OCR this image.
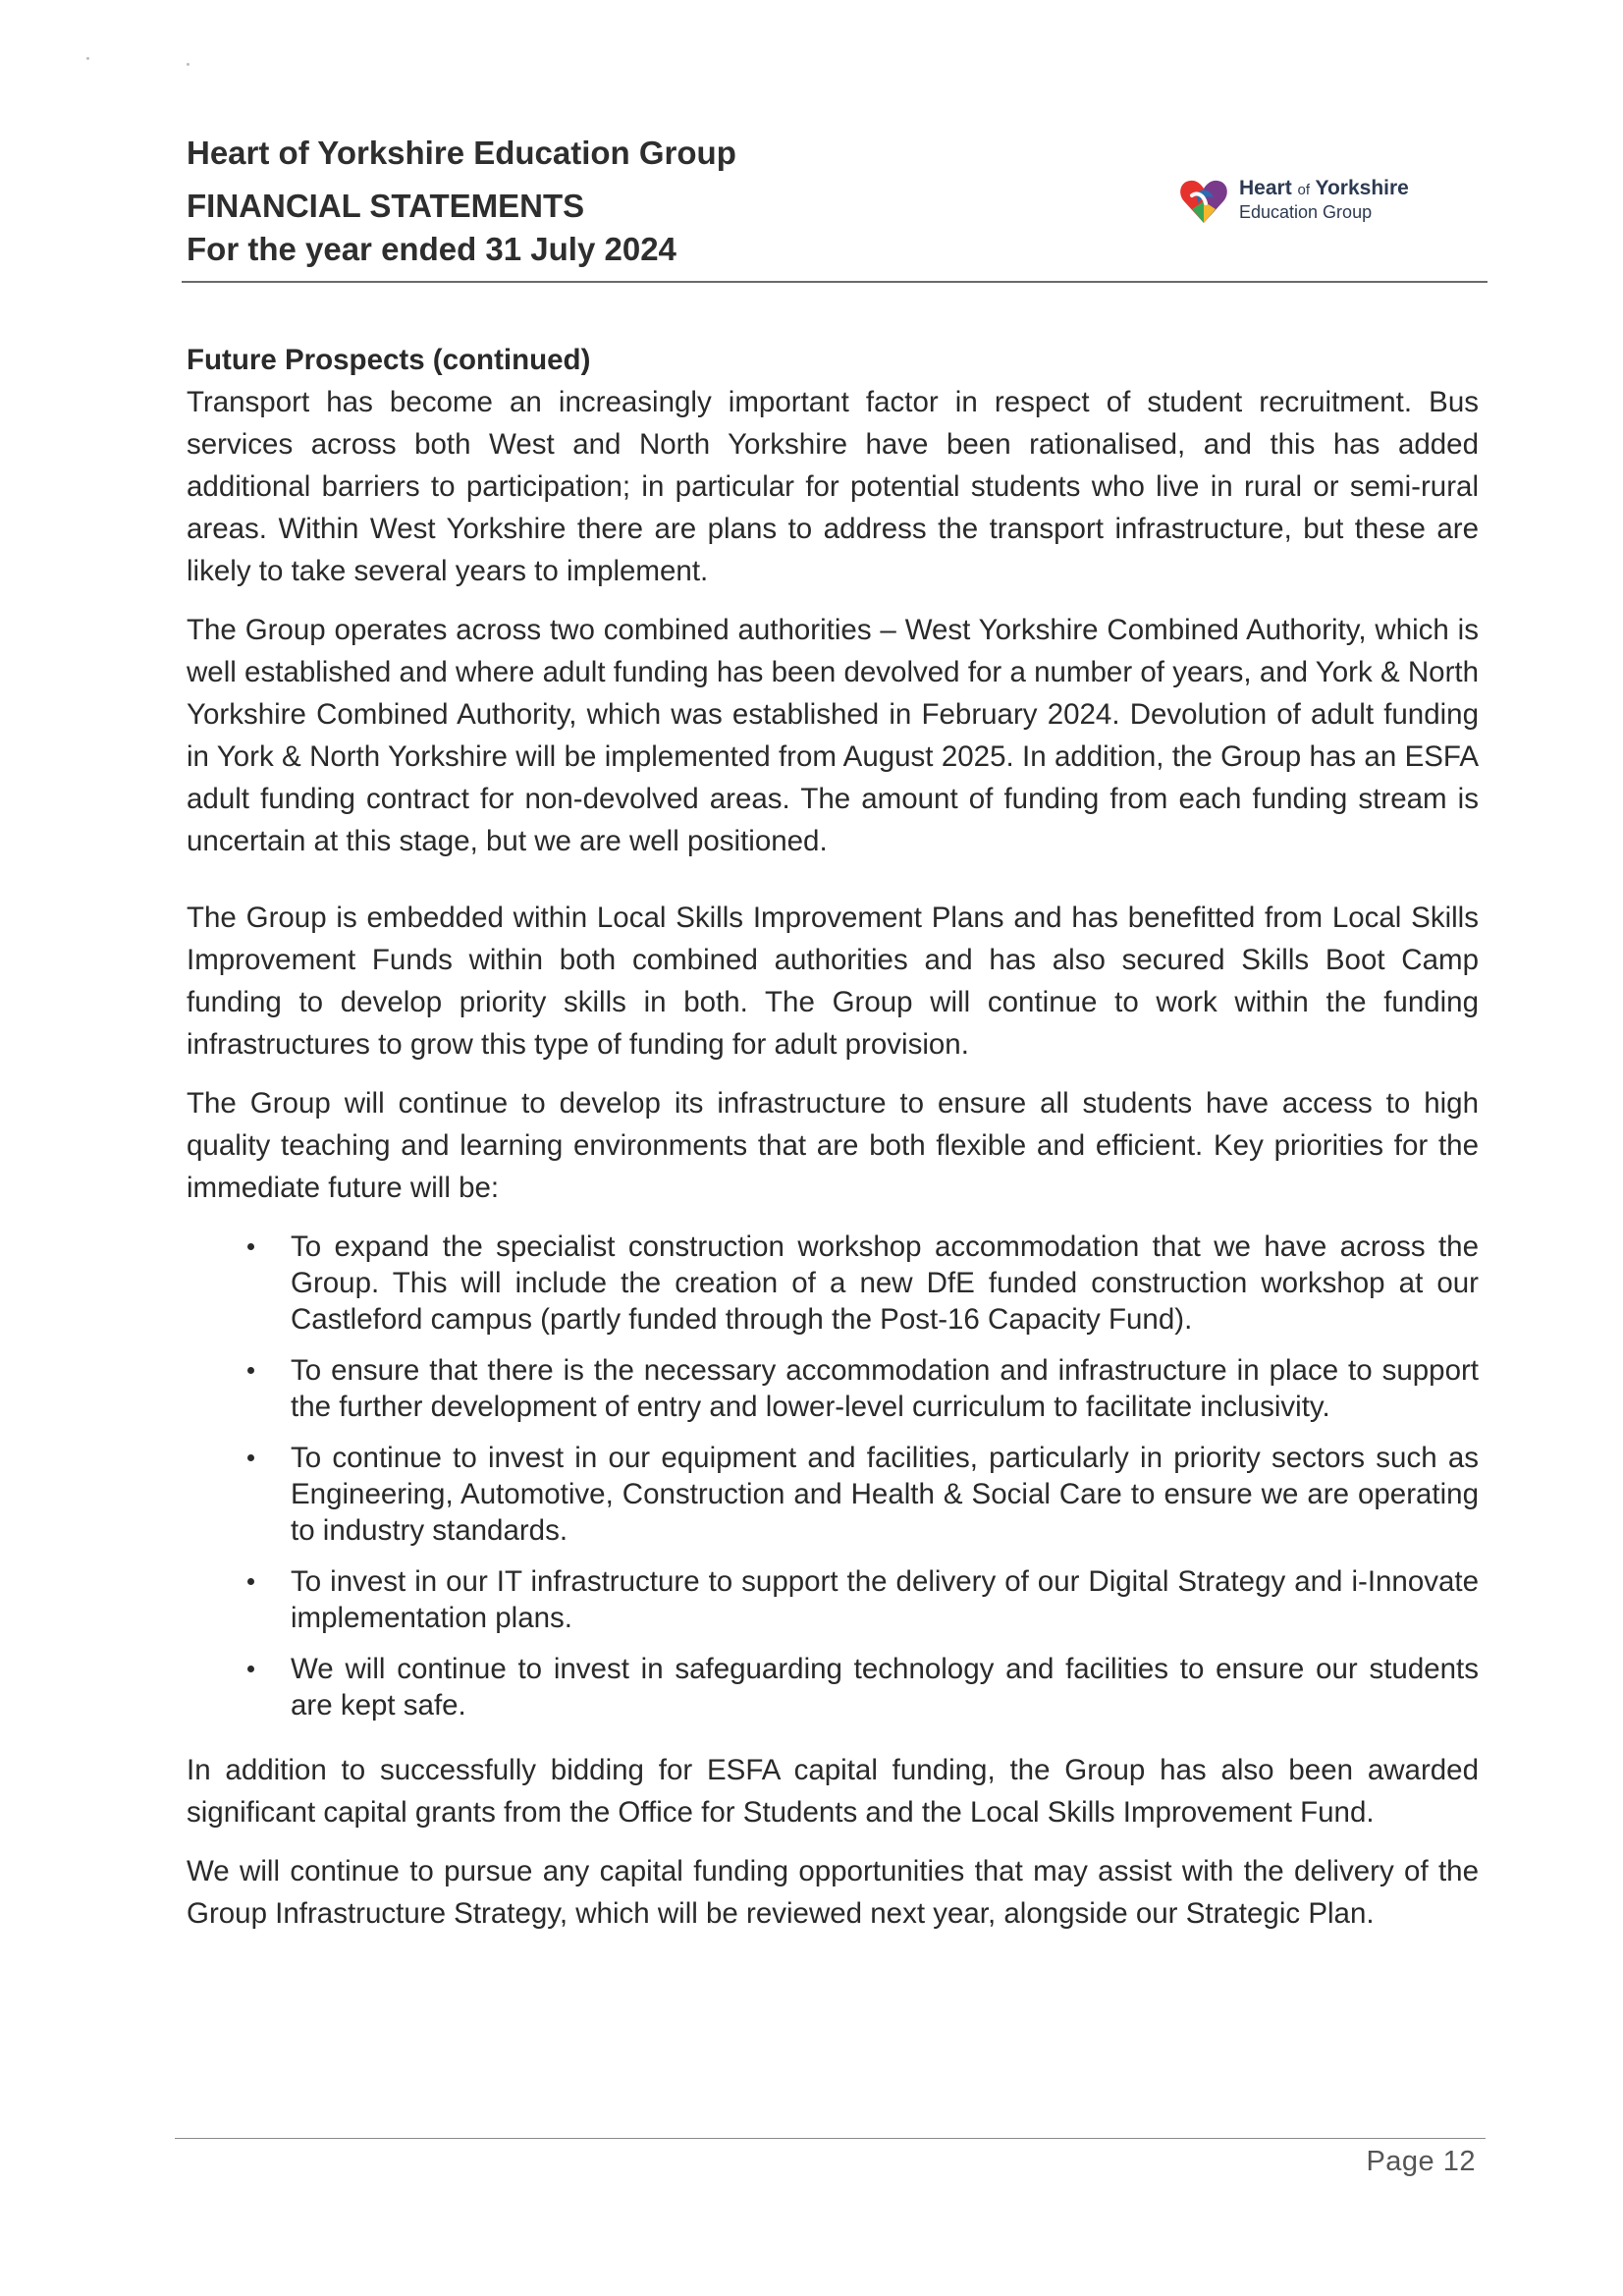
Heart of Yorkshire Education Group
FINANCIAL STATEMENTS
For the year ended 31 July 2024
Heart of Yorkshire
Education Group
Future Prospects (continued)

Transport has become an increasingly important factor in respect of student recruitment. Bus services across both West and North Yorkshire have been rationalised, and this has added additional barriers to participation; in particular for potential students who live in rural or semi-rural areas. Within West Yorkshire there are plans to address the transport infrastructure, but these are likely to take several years to implement.

The Group operates across two combined authorities – West Yorkshire Combined Authority, which is well established and where adult funding has been devolved for a number of years, and York & North Yorkshire Combined Authority, which was established in February 2024. Devolution of adult funding in York & North Yorkshire will be implemented from August 2025. In addition, the Group has an ESFA adult funding contract for non-devolved areas. The amount of funding from each funding stream is uncertain at this stage, but we are well positioned.

The Group is embedded within Local Skills Improvement Plans and has benefitted from Local Skills Improvement Funds within both combined authorities and has also secured Skills Boot Camp funding to develop priority skills in both. The Group will continue to work within the funding infrastructures to grow this type of funding for adult provision.

The Group will continue to develop its infrastructure to ensure all students have access to high quality teaching and learning environments that are both flexible and efficient. Key priorities for the immediate future will be:

To expand the specialist construction workshop accommodation that we have across the Group. This will include the creation of a new DfE funded construction workshop at our Castleford campus (partly funded through the Post-16 Capacity Fund).
To ensure that there is the necessary accommodation and infrastructure in place to support the further development of entry and lower-level curriculum to facilitate inclusivity.
To continue to invest in our equipment and facilities, particularly in priority sectors such as Engineering, Automotive, Construction and Health & Social Care to ensure we are operating to industry standards.
To invest in our IT infrastructure to support the delivery of our Digital Strategy and i-Innovate implementation plans.
We will continue to invest in safeguarding technology and facilities to ensure our students are kept safe.

In addition to successfully bidding for ESFA capital funding, the Group has also been awarded significant capital grants from the Office for Students and the Local Skills Improvement Fund.

We will continue to pursue any capital funding opportunities that may assist with the delivery of the Group Infrastructure Strategy, which will be reviewed next year, alongside our Strategic Plan.

Page 12
